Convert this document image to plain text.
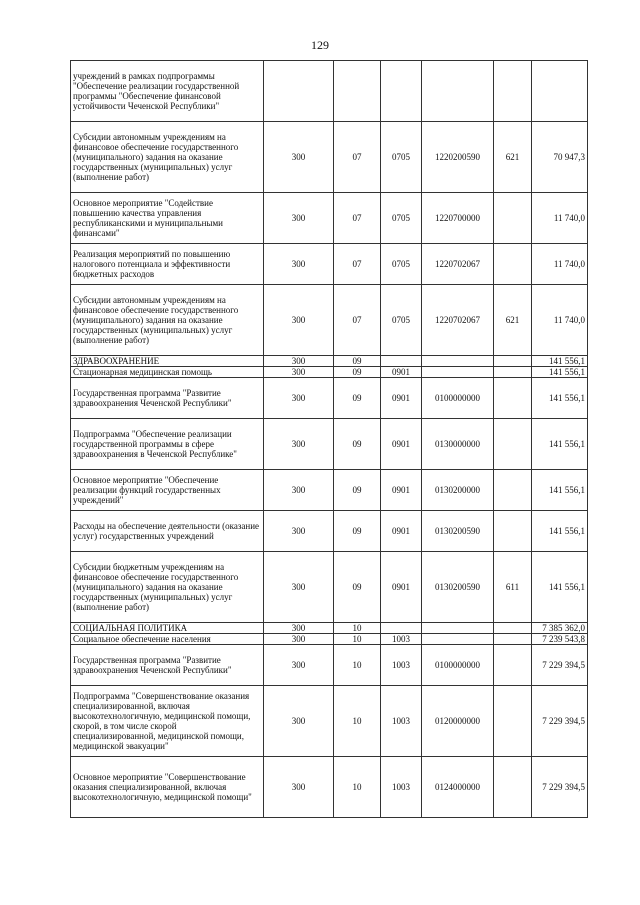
129
учреждений в рамках подпрограммы "Обеспечение реализации государственной программы "Обеспечение финансовой устойчивости Чеченской Республики"						
Субсидии автономным учреждениям на финансовое обеспечение государственного (муниципального) задания на оказание государственных (муниципальных) услуг (выполнение работ)	300	07	0705	1220200590	621	70 947,3
Основное мероприятие "Содействие повышению качества управления республиканскими и муниципальными финансами"	300	07	0705	1220700000		11 740,0
Реализация мероприятий по повышению налогового потенциала и эффективности бюджетных расходов	300	07	0705	1220702067		11 740,0
Субсидии автономным учреждениям на финансовое обеспечение государственного (муниципального) задания на оказание государственных (муниципальных) услуг (выполнение работ)	300	07	0705	1220702067	621	11 740,0
ЗДРАВООХРАНЕНИЕ	300	09				141 556,1
Стационарная медицинская помощь	300	09	0901			141 556,1
Государственная программа "Развитие здравоохранения Чеченской Республики"	300	09	0901	0100000000		141 556,1
Подпрограмма "Обеспечение реализации государственной программы в сфере здравоохранения в Чеченской Республике"	300	09	0901	0130000000		141 556,1
Основное мероприятие "Обеспечение реализации функций государственных учреждений"	300	09	0901	0130200000		141 556,1
Расходы на обеспечение деятельности (оказание услуг) государственных учреждений	300	09	0901	0130200590		141 556,1
Субсидии бюджетным учреждениям на финансовое обеспечение государственного (муниципального) задания на оказание государственных (муниципальных) услуг (выполнение работ)	300	09	0901	0130200590	611	141 556,1
СОЦИАЛЬНАЯ ПОЛИТИКА	300	10				7 385 362,0
Социальное обеспечение населения	300	10	1003			7 239 543,8
Государственная программа "Развитие здравоохранения Чеченской Республики"	300	10	1003	0100000000		7 229 394,5
Подпрограмма "Совершенствование оказания специализированной, включая высокотехнологичную, медицинской помощи, скорой, в том числе скорой специализированной, медицинской помощи, медицинской эвакуации"	300	10	1003	0120000000		7 229 394,5
Основное мероприятие "Совершенствование оказания специализированной, включая высокотехнологичную, медицинской помощи"	300	10	1003	0124000000		7 229 394,5
